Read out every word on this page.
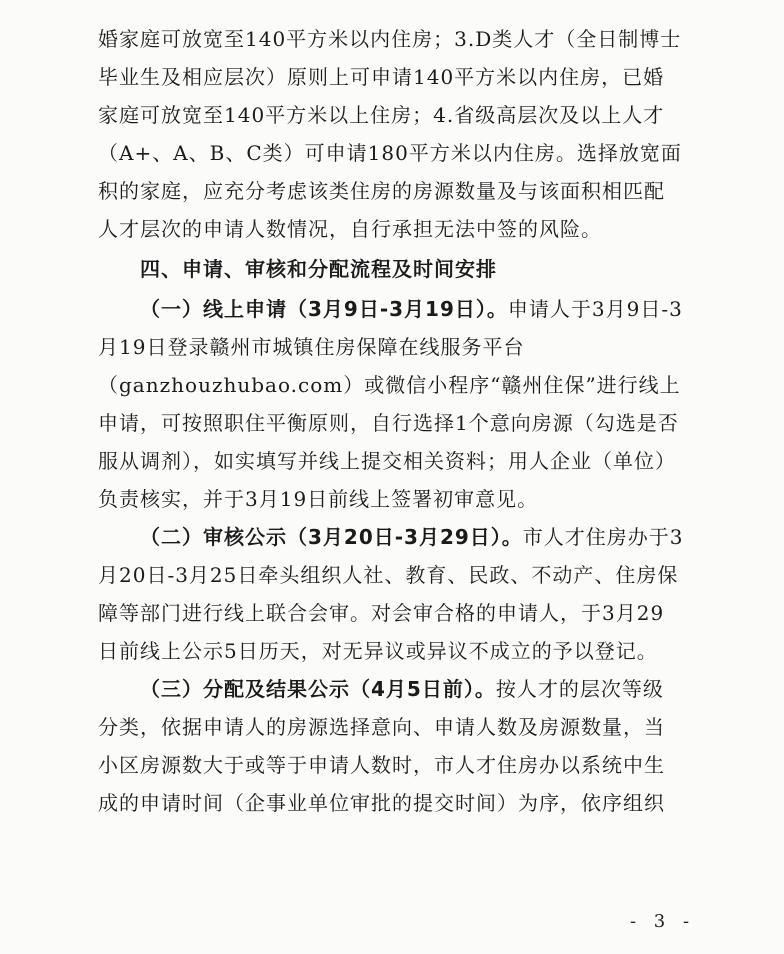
婚家庭可放宽至140平方米以内住房；3.D类人才（全日制博士毕业生及相应层次）原则上可申请140平方米以内住房，已婚家庭可放宽至140平方米以上住房；4.省级高层次及以上人才（A+、A、B、C类）可申请180平方米以内住房。选择放宽面积的家庭，应充分考虑该类住房的房源数量及与该面积相匹配人才层次的申请人数情况，自行承担无法中签的风险。

四、申请、审核和分配流程及时间安排

（一）线上申请（3月9日-3月19日）。申请人于3月9日-3月19日登录赣州市城镇住房保障在线服务平台（ganzhouzhubao.com）或微信小程序“赣州住保”进行线上申请，可按照职住平衡原则，自行选择1个意向房源（勾选是否服从调剂），如实填写并线上提交相关资料；用人企业（单位）负责核实，并于3月19日前线上签署初审意见。

（二）审核公示（3月20日-3月29日）。市人才住房办于3月20日-3月25日牵头组织人社、教育、民政、不动产、住房保障等部门进行线上联合会审。对会审合格的申请人，于3月29日前线上公示5日历天，对无异议或异议不成立的予以登记。

（三）分配及结果公示（4月5日前）。按人才的层次等级分类，依据申请人的房源选择意向、申请人数及房源数量，当小区房源数大于或等于申请人数时，市人才住房办以系统中生成的申请时间（企事业单位审批的提交时间）为序，依序组织

- 3 -
